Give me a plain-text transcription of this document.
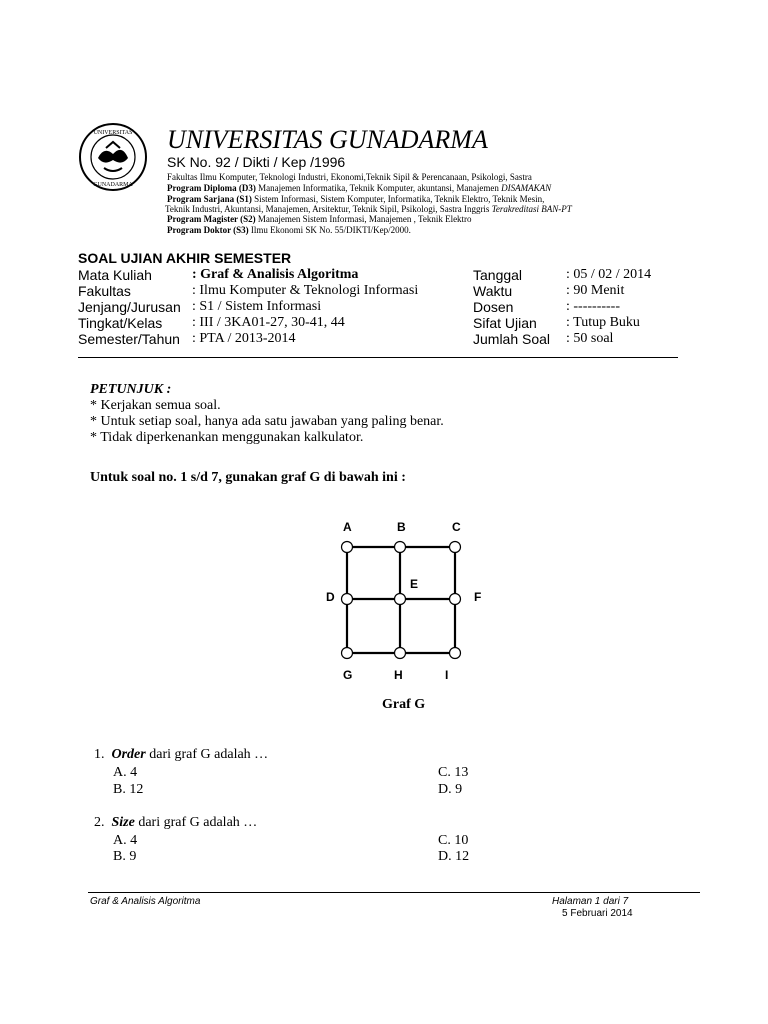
UNIVERSITAS
GUNADARMA
UNIVERSITAS GUNADARMA
SK No. 92 / Dikti / Kep /1996
Fakultas Ilmu Komputer, Teknologi Industri, Ekonomi,Teknik Sipil & Perencanaan, Psikologi, Sastra
Program Diploma (D3) Manajemen Informatika, Teknik Komputer, akuntansi, Manajemen DISAMAKAN
Program Sarjana (S1) Sistem Informasi, Sistem Komputer, Informatika, Teknik Elektro, Teknik Mesin,
Teknik Industri, Akuntansi, Manajemen, Arsitektur, Teknik Sipil, Psikologi, Sastra Inggris Terakreditasi BAN-PT
Program Magister (S2) Manajemen Sistem Informasi, Manajemen , Teknik Elektro
Program Doktor (S3) Ilmu Ekonomi SK No. 55/DIKTI/Kep/2000.
SOAL UJIAN AKHIR SEMESTER
Mata Kuliah	: Graf & Analisis Algoritma
Fakultas	: Ilmu Komputer & Teknologi Informasi
Jenjang/Jurusan : S1 / Sistem Informasi
Tingkat/Kelas : III / 3KA01-27, 30-41, 44
Semester/Tahun : PTA / 2013-2014
Tanggal	: 05 / 02 / 2014
Waktu	: 90 Menit
Dosen	: ----------
Sifat Ujian : Tutup Buku
Jumlah Soal : 50 soal
PETUNJUK :
* Kerjakan semua soal.
* Untuk setiap soal, hanya ada satu jawaban yang paling benar.
* Tidak diperkenankan menggunakan kalkulator.
Untuk soal no. 1 s/d 7, gunakan graf G di bawah ini :
A	B	C
D
E
F
G	H	I
Graf G
1. Order dari graf G adalah …
A. 4
B. 12
C. 13
D. 9
2. Size dari graf G adalah …
A. 4
B. 9
C. 10
D. 12
Graf & Analisis Algoritma	Halaman 1 dari 7
5 Februari 2014
